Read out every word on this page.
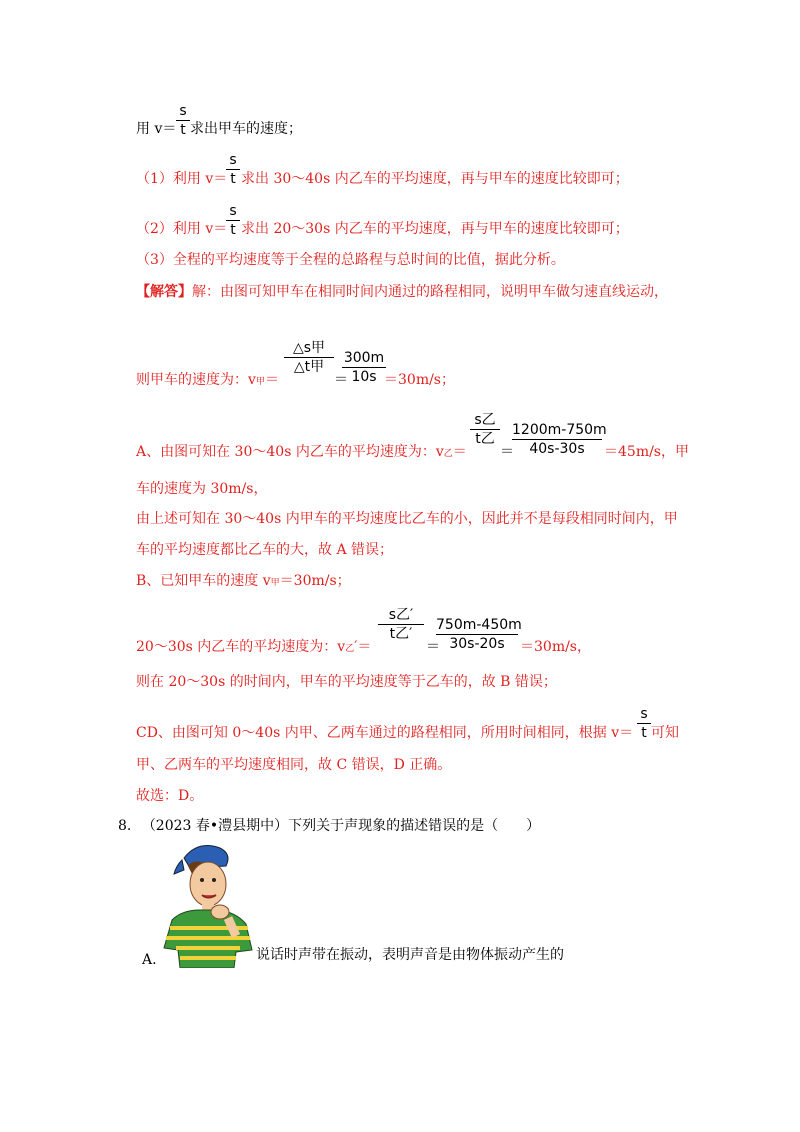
用 v＝
s
t 求出甲车的速度；
（1）利用 v＝
s
t 求出 30～40s 内乙车的平均速度，再与甲车的速度比较即可；
（2）利用 v＝
s
t 求出 20～30s 内乙车的平均速度，再与甲车的速度比较即可；
（3）全程的平均速度等于全程的总路程与总时间的比值，据此分析。
【解答】解：由图可知甲车在相同时间内通过的路程相同，说明甲车做匀速直线运动，
则甲车的速度为：v甲＝
△s甲
△t甲
＝
300m
10s ＝30m/s；
A、由图可知在 30～40s 内乙车的平均速度为：v乙＝
s乙
t乙
＝
1200m-750m
40s-30s	＝45m/s，甲
车的速度为 30m/s，
由上述可知在 30～40s 内甲车的平均速度比乙车的小，因此并不是每段相同时间内，甲
车的平均速度都比乙车的大，故 A 错误；
B、已知甲车的速度 v甲＝30m/s；
20～30s 内乙车的平均速度为：v乙′＝
s乙′
t乙′
＝
750m-450m
30s-20s	＝30m/s，
则在 20～30s 的时间内，甲车的平均速度等于乙车的，故 B 错误；
CD、由图可知 0～40s 内甲、乙两车通过的路程相同，所用时间相同，根据 v＝
s
t 可知
甲、乙两车的平均速度相同，故 C 错误，D 正确。
故选：D。
8. （2023 春•澧县期中）下列关于声现象的描述错误的是（　　）
A.	说话时声带在振动，表明声音是由物体振动产生的
